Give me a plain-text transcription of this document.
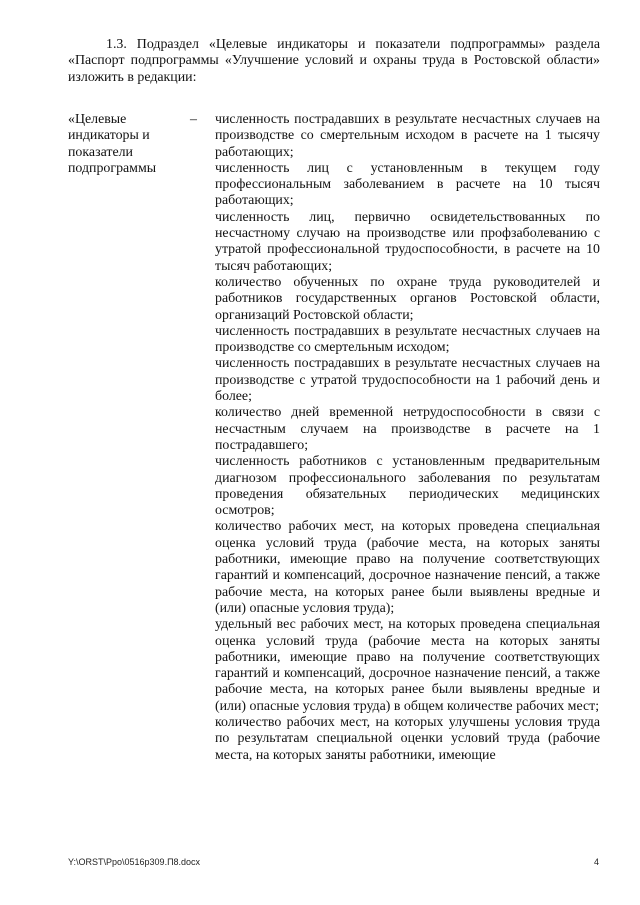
1.3. Подраздел «Целевые индикаторы и показатели подпрограммы» раздела «Паспорт подпрограммы «Улучшение условий и охраны труда в Ростовской области» изложить в редакции:

«Целевые индикаторы и показатели подпрограммы

– численность пострадавших в результате несчастных случаев на производстве со смертельным исходом в расчете на 1 тысячу работающих;

численность лиц с установленным в текущем году профессиональным заболеванием в расчете на 10 тысяч работающих;

численность лиц, первично освидетельствованных по несчастному случаю на производстве или профзаболеванию с утратой профессиональной трудоспособности, в расчете на 10 тысяч работающих;

количество обученных по охране труда руководителей и работников государственных органов Ростовской области, организаций Ростовской области;

численность пострадавших в результате несчастных случаев на производстве со смертельным исходом;

численность пострадавших в результате несчастных случаев на производстве с утратой трудоспособности на 1 рабочий день и более;

количество дней временной нетрудоспособности в связи с несчастным случаем на производстве в расчете на 1 пострадавшего;

численность работников с установленным предварительным диагнозом профессионального заболевания по результатам проведения обязательных периодических медицинских осмотров;

количество рабочих мест, на которых проведена специальная оценка условий труда (рабочие места, на которых заняты работники, имеющие право на получение соответствующих гарантий и компенсаций, досрочное назначение пенсий, а также рабочие места, на которых ранее были выявлены вредные и (или) опасные условия труда);

удельный вес рабочих мест, на которых проведена специальная оценка условий труда (рабочие места на которых заняты работники, имеющие право на получение соответствующих гарантий и компенсаций, досрочное назначение пенсий, а также рабочие места, на которых ранее были выявлены вредные и (или) опасные условия труда) в общем количестве рабочих мест;

количество рабочих мест, на которых улучшены условия труда по результатам специальной оценки условий труда (рабочие места, на которых заняты работники, имеющие

Y:\ORST\Ppo\0516p309.П8.docx	4
